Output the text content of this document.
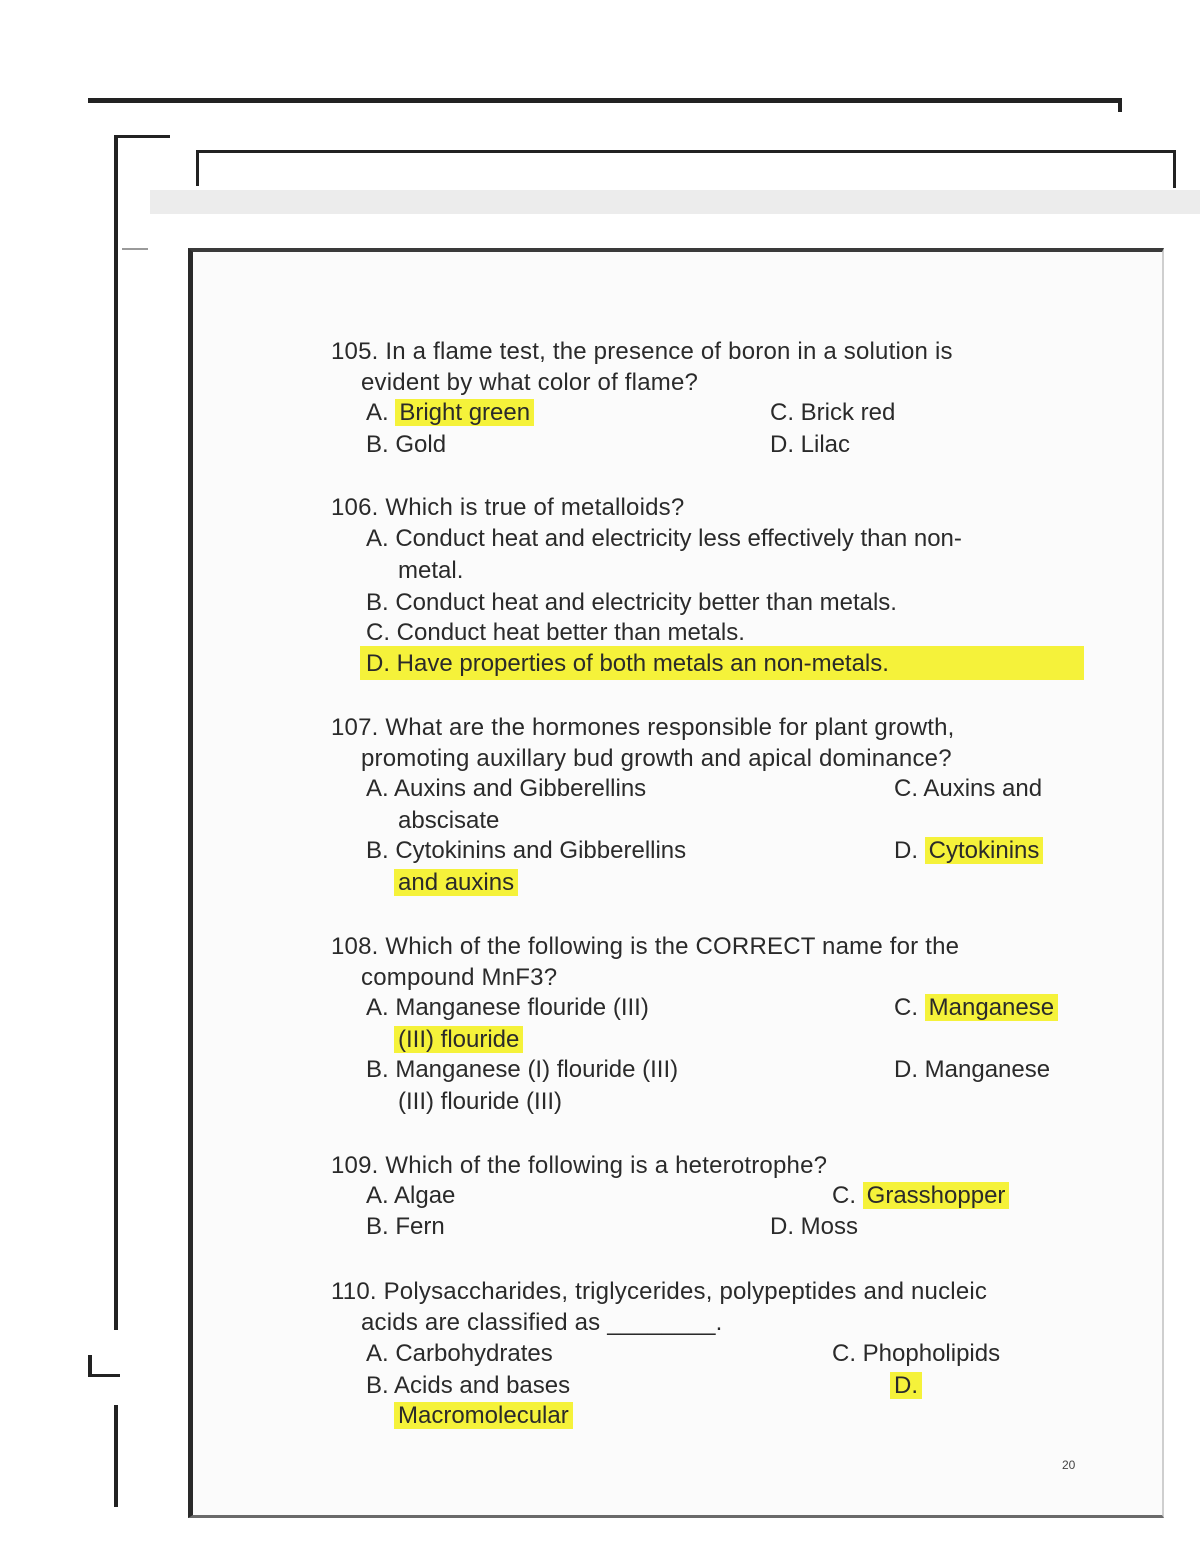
105. In a flame test, the presence of boron in a solution is
evident by what color of flame?
A. Bright green
B. Gold
C. Brick red
D. Lilac
106. Which is true of metalloids?
A. Conduct heat and electricity less effectively than non-
metal.
B. Conduct heat and electricity better than metals.
C. Conduct heat better than metals.
D. Have properties of both metals an non-metals.
107. What are the hormones responsible for plant growth,
promoting auxillary bud growth and apical dominance?
A. Auxins and Gibberellins
abscisate
C. Auxins and
B. Cytokinins and Gibberellins
and auxins
D. Cytokinins
108. Which of the following is the CORRECT name for the
compound MnF3?
A. Manganese flouride (III)
(III) flouride
C. Manganese
B. Manganese (I) flouride (III)
(III) flouride (III)
D. Manganese
109. Which of the following is a heterotrophe?
A. Algae
B. Fern
C. Grasshopper
D. Moss
110. Polysaccharides, triglycerides, polypeptides and nucleic
acids are classified as ________.
A. Carbohydrates
B. Acids and bases
Macromolecular
C. Phopholipids
D.
20
